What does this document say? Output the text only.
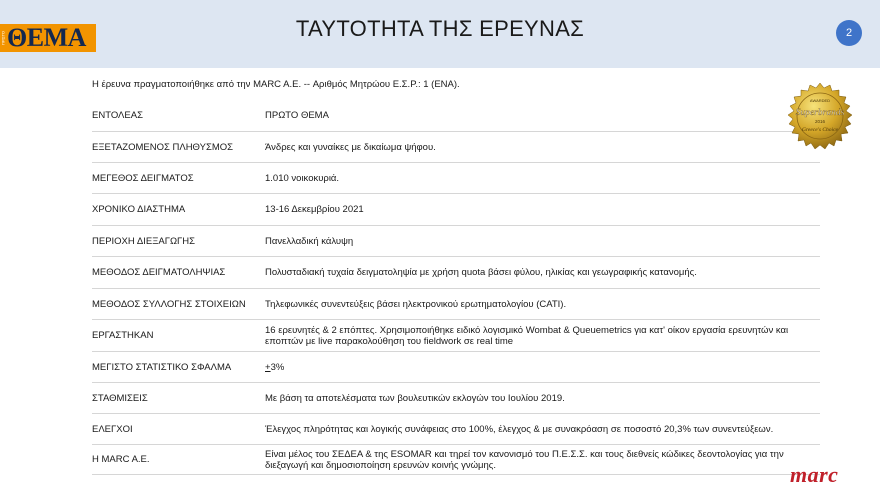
ΠΡΩΤΟ ΘΕΜΑ	ΤΑΥΤΟΤΗΤΑ ΤΗΣ ΕΡΕΥΝΑΣ	2
Η έρευνα πραγματοποιήθηκε από την MARC A.E. -- Αριθμός Μητρώου Ε.Σ.Ρ.: 1 (ΕΝΑ).
ΕΝΤΟΛΕΑΣ	ΠΡΩΤΟ ΘΕΜΑ
ΕΞΕΤΑΖΟΜΕΝΟΣ ΠΛΗΘΥΣΜΟΣ	Άνδρες και γυναίκες με δικαίωμα ψήφου.
ΜΕΓΕΘΟΣ ΔΕΙΓΜΑΤΟΣ	1.010 νοικοκυριά.
ΧΡΟΝΙΚΟ ΔΙΑΣΤΗΜΑ	13-16 Δεκεμβρίου 2021
ΠΕΡΙΟΧΗ ΔΙΕΞΑΓΩΓΗΣ	Πανελλαδική κάλυψη
ΜΕΘΟΔΟΣ ΔΕΙΓΜΑΤΟΛΗΨΙΑΣ	Πολυσταδιακή τυχαία δειγματοληψία με χρήση quota βάσει φύλου, ηλικίας και γεωγραφικής κατανομής.
ΜΕΘΟΔΟΣ ΣΥΛΛΟΓΗΣ ΣΤΟΙΧΕΙΩΝ	Τηλεφωνικές συνεντεύξεις βάσει ηλεκτρονικού ερωτηματολογίου (CATI).
ΕΡΓΑΣΤΗΚΑΝ	16 ερευνητές & 2 επόπτες. Χρησιμοποιήθηκε ειδικό λογισμικό Wombat & Queuemetrics για κατ' οίκον εργασία ερευνητών και εποπτών με live παρακολούθηση του fieldwork σε real time
ΜΕΓΙΣΤΟ ΣΤΑΤΙΣΤΙΚΟ ΣΦΑΛΜΑ	+3%
ΣΤΑΘΜΙΣΕΙΣ	Με βάση τα αποτελέσματα των βουλευτικών εκλογών του Ιουλίου 2019.
ΕΛΕΓΧΟΙ	Έλεγχος πληρότητας και λογικής συνάφειας στο 100%, έλεγχος & με συνακρόαση σε ποσοστό 20,3% των συνεντεύξεων.
Η MARC A.E.	Είναι μέλος του ΣΕΔΕΑ & της ESOMAR και τηρεί τον κανονισμό του Π.Ε.Σ.Σ. και τους διεθνείς κώδικες δεοντολογίας για την διεξαγωγή και δημοσιοποίηση ερευνών κοινής γνώμης.
AWARDED
Superbrands
2016
Greece's Choice
marc
